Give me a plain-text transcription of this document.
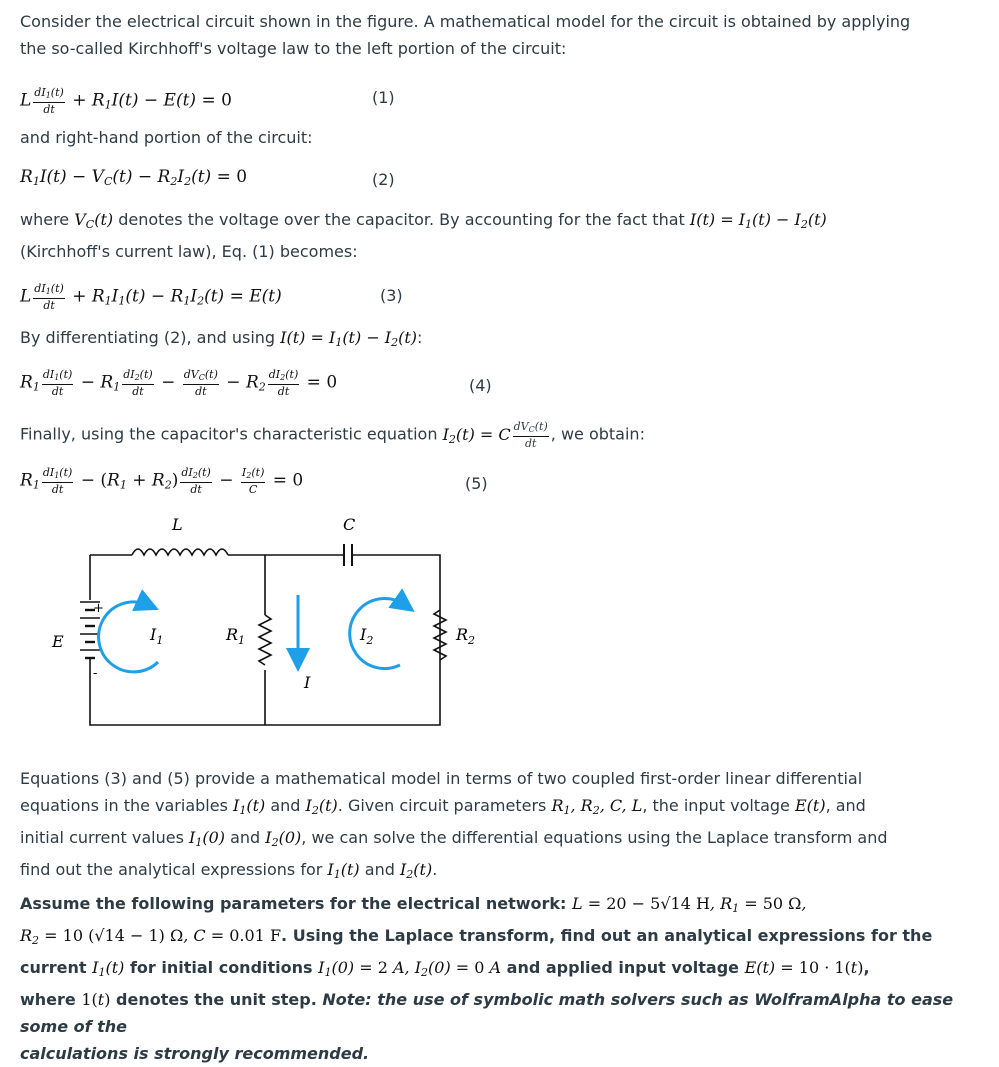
Consider the electrical circuit shown in the figure. A mathematical model for the circuit is obtained by applying
the so-called Kirchhoff's voltage law to the left portion of the circuit:
L $\frac{dI_1(t)}{dt} + R_1I(t) - E(t) = 0$	(1)
and right-hand portion of the circuit:
$R_1I(t) - V_C(t) - R_2I_2(t) = 0$	(2)
where $V_C(t)$ denotes the voltage over the capacitor. By accounting for the fact that $I(t) = I_1(t) - I_2(t)$
(Kirchhoff's current law), Eq. (1) becomes:
L $\frac{dI_1(t)}{dt} + R_1I_1(t) - R_1I_2(t) = E(t)$	(3)
By differentiating (2), and using $I(t) = I_1(t) - I_2(t)$:
$R_1 \frac{dI_1(t)}{dt} - R_1 \frac{dI_2(t)}{dt} - \frac{dV_C(t)}{dt} - R_2 \frac{dI_2(t)}{dt} = 0$	(4)
Finally, using the capacitor's characteristic equation $I_2(t) = C \frac{dV_C(t)}{dt}$ , we obtain:
$R_1 \frac{dI_1(t)}{dt} - (R_1 + R_2) \frac{dI_2(t)}{dt} - \frac{I_2(t)}{C} = 0$	(5)
L	C
E
+
-
$I_1$	$R_1$	$I_2$	$R_2$
I
Equations (3) and (5) provide a mathematical model in terms of two coupled first-order linear differential
equations in the variables $I_1(t)$ and $I_2(t)$. Given circuit parameters $R_1$, $R_2$, C, L, the input voltage E(t), and
initial current values $I_1(0)$ and $I_2(0)$, we can solve the differential equations using the Laplace transform and
find out the analytical expressions for $I_1(t)$ and $I_2(t)$.
Assume the following parameters for the electrical network: L = 20 − 5√14 H, $R_1 = 50$ Ω,
$R_2 = 10$ (√14 − 1) Ω, C = 0.01 F. Using the Laplace transform, find out an analytical expressions for the
current $I_1(t)$ for initial conditions $I_1(0) = 2$ A, $I_2(0) = 0$ A and applied input voltage E(t) = 10 · 1(t),
where 1(t) denotes the unit step. Note: the use of symbolic math solvers such as WolframAlpha to ease some of the
calculations is strongly recommended.
